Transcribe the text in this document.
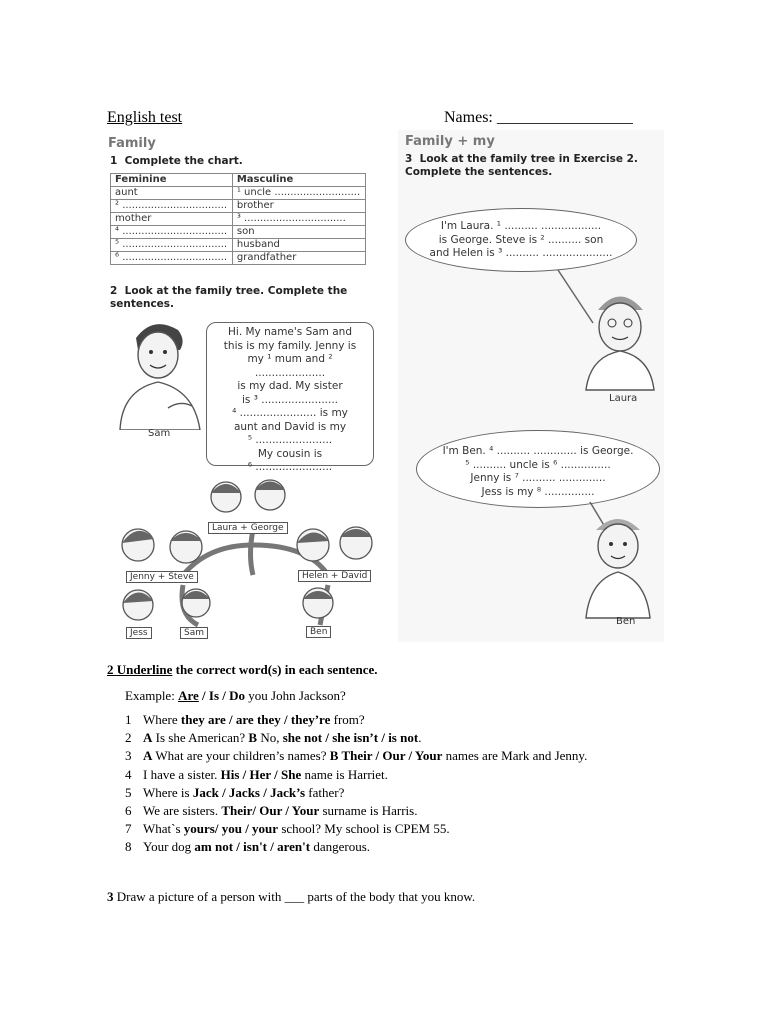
English test	Names: _________________
Family
1 Complete the chart.
Feminine	Masculine
aunt	¹ uncle ...........................
² .................................	brother
mother	³ ................................
⁴ .................................	son
⁵ .................................	husband
⁶ .................................	grandfather
2 Look at the family tree. Complete the
sentences.
Sam
Hi. My name's Sam and
this is my family. Jenny is
my ¹ mum and ² .....................
is my dad. My sister
is ³ .......................
⁴ ....................... is my
aunt and David is my
⁵ .......................
My cousin is
⁶ .......................
Laura + George
Jenny + Steve	Helen + David
Jess	Sam	Ben
Family + my
3 Look at the family tree in Exercise 2.
Complete the sentences.
I'm Laura. ¹ .......... ..................
is George. Steve is ² .......... son
and Helen is ³ .......... .....................
Laura
I'm Ben. ⁴ .......... ............. is George.
⁵ .......... uncle is ⁶ ...............
Jenny is ⁷ .......... ..............
Jess is my ⁸ ...............
Ben
2 Underline the correct word(s) in each sentence.
Example: Are / Is / Do you John Jackson?
1 Where they are / are they / they’re from?
2 A Is she American? B No, she not / she isn’t / is not.
3 A What are your children’s names? B Their / Our / Your names are Mark and Jenny.
4 I have a sister. His / Her / She name is Harriet.
5 Where is Jack / Jacks / Jack’s father?
6 We are sisters. Their/ Our / Your surname is Harris.
7 What`s yours/ you / your school? My school is CPEM 55.
8 Your dog am not / isn't / aren't dangerous.
3 Draw a picture of a person with ___ parts of the body that you know.
